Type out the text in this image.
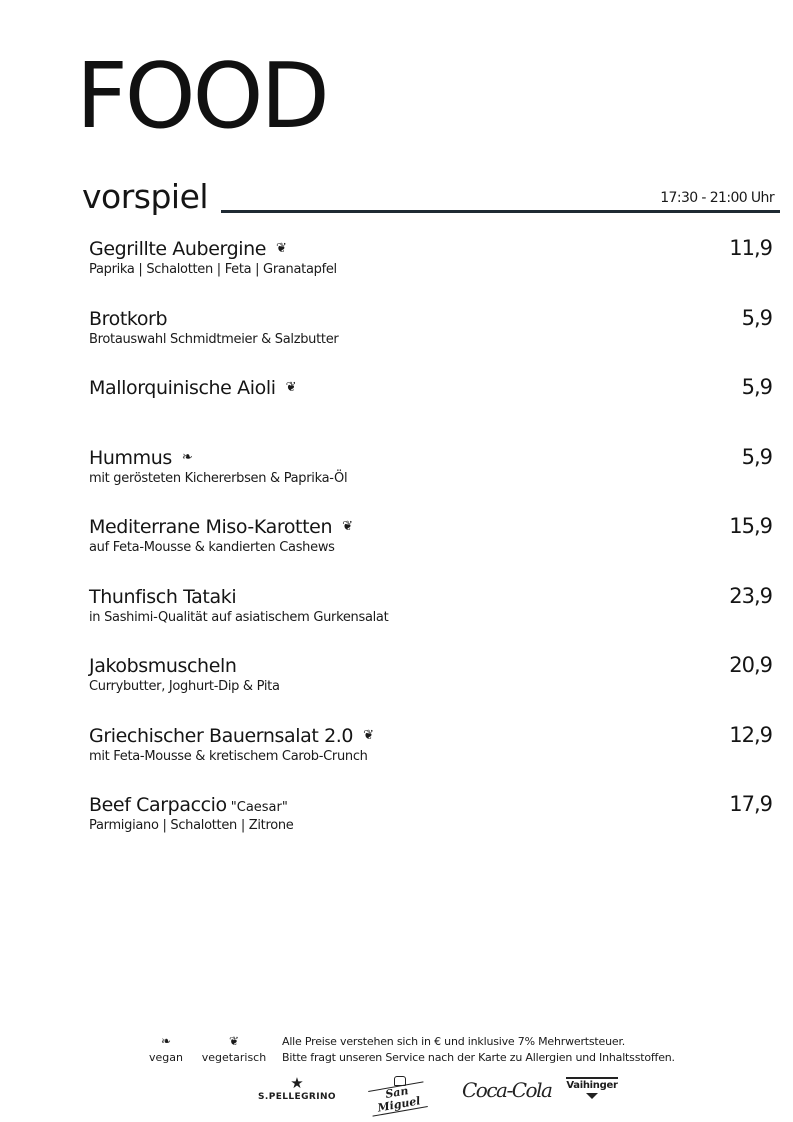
FOOD
vorspiel	17:30 - 21:00 Uhr
Gegrillte Aubergine ❦
Paprika | Schalotten | Feta | Granatapfel
11,9
Brotkorb
Brotauswahl Schmidtmeier & Salzbutter
5,9
Mallorquinische Aioli ❦	5,9
Hummus ❧
mit gerösteten Kichererbsen & Paprika-Öl
5,9
Mediterrane Miso-Karotten ❦
auf Feta-Mousse & kandierten Cashews
15,9
Thunfisch Tataki
in Sashimi-Qualität auf asiatischem Gurkensalat
23,9
Jakobsmuscheln
Currybutter, Joghurt-Dip & Pita
20,9
Griechischer Bauernsalat 2.0 ❦
mit Feta-Mousse & kretischem Carob-Crunch
12,9
Beef Carpaccio "Caesar"
Parmigiano | Schalotten | Zitrone
17,9
❧
vegan
❦
vegetarisch
Alle Preise verstehen sich in € und inklusive 7% Mehrwertsteuer.
Bitte fragt unseren Service nach der Karte zu Allergien und Inhaltsstoffen.
★
S.PELLEGRINO	San Miguel
Coca-Cola Vaihinger
